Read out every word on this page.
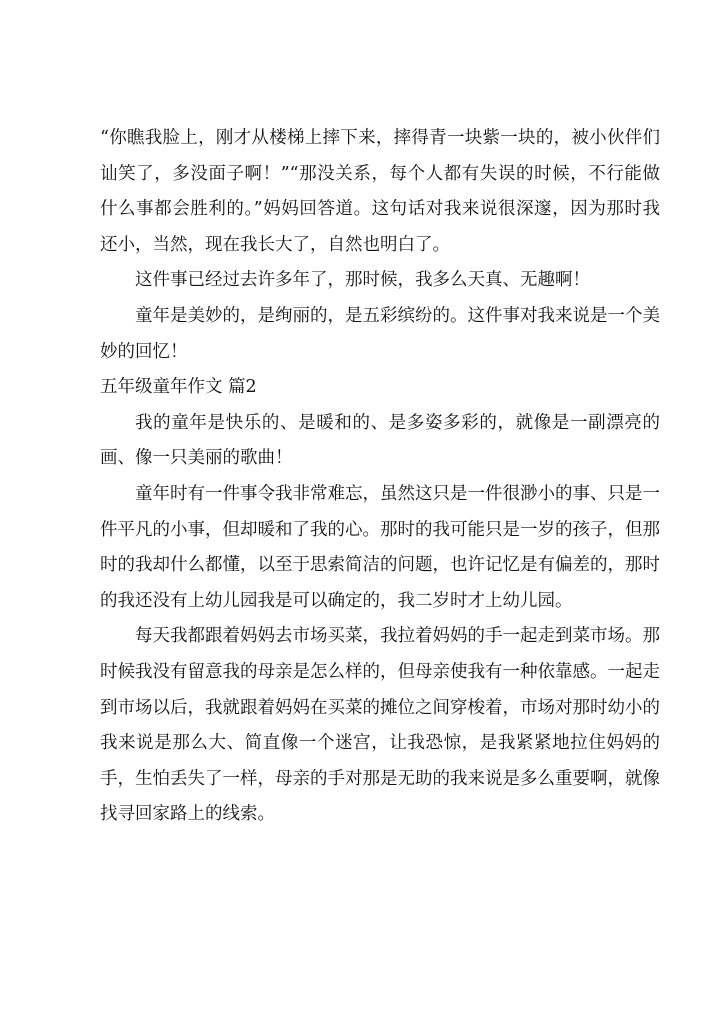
“你瞧我脸上，刚才从楼梯上摔下来，摔得青一块紫一块的，被小伙伴们讪笑了，多没面子啊！”“那没关系，每个人都有失误的时候，不行能做什么事都会胜利的。”妈妈回答道。这句话对我来说很深邃，因为那时我还小，当然，现在我长大了，自然也明白了。

这件事已经过去许多年了，那时候，我多么天真、无趣啊！

童年是美妙的，是绚丽的，是五彩缤纷的。这件事对我来说是一个美妙的回忆！

五年级童年作文 篇2

我的童年是快乐的、是暖和的、是多姿多彩的，就像是一副漂亮的画、像一只美丽的歌曲！

童年时有一件事令我非常难忘，虽然这只是一件很渺小的事、只是一件平凡的小事，但却暖和了我的心。那时的我可能只是一岁的孩子，但那时的我却什么都懂，以至于思索简洁的问题，也许记忆是有偏差的，那时的我还没有上幼儿园我是可以确定的，我二岁时才上幼儿园。

每天我都跟着妈妈去市场买菜，我拉着妈妈的手一起走到菜市场。那时候我没有留意我的母亲是怎么样的，但母亲使我有一种依靠感。一起走到市场以后，我就跟着妈妈在买菜的摊位之间穿梭着，市场对那时幼小的我来说是那么大、简直像一个迷宫，让我恐惊，是我紧紧地拉住妈妈的手，生怕丢失了一样，母亲的手对那是无助的我来说是多么重要啊，就像找寻回家路上的线索。
